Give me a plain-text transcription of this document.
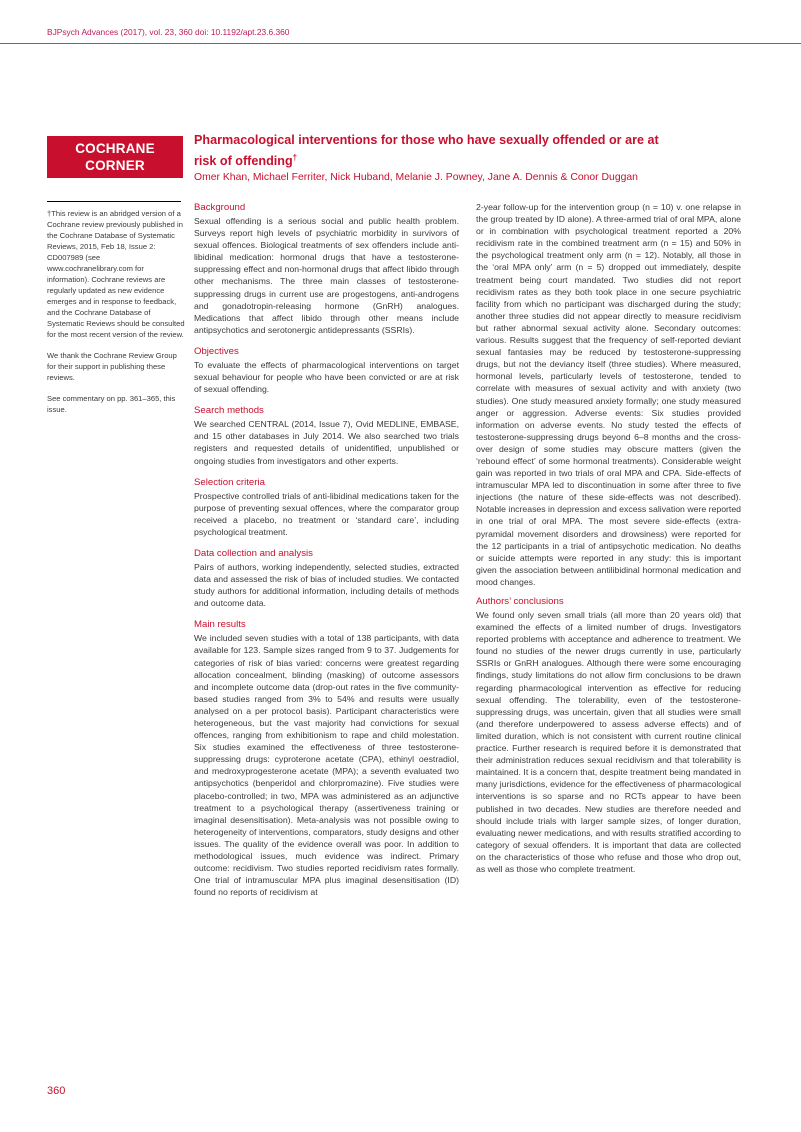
BJPsych Advances (2017), vol. 23, 360 doi: 10.1192/apt.23.6.360
COCHRANE
CORNER
Pharmacological interventions for those who have sexually offended or are at risk of offending†
Omer Khan, Michael Ferriter, Nick Huband, Melanie J. Powney, Jane A. Dennis & Conor Duggan

†This review is an abridged version of a Cochrane review previously published in the Cochrane Database of Systematic Reviews, 2015, Feb 18, Issue 2: CD007989 (see www.cochranelibrary.com for information). Cochrane reviews are regularly updated as new evidence emerges and in response to feedback, and the Cochrane Database of Systematic Reviews should be consulted for the most recent version of the review.

We thank the Cochrane Review Group for their support in publishing these reviews.

See commentary on pp. 361–365, this issue.

Background

Sexual offending is a serious social and public health problem. Surveys report high levels of psychiatric morbidity in survivors of sexual offences. Biological treatments of sex offenders include anti-libidinal medication: hormonal drugs that have a testosterone-suppressing effect and non-hormonal drugs that affect libido through other mechanisms. The three main classes of testosterone-suppressing drugs in current use are progestogens, anti-androgens and gonadotropin-releasing hormone (GnRH) analogues. Medications that affect libido through other means include antipsychotics and serotonergic antidepressants (SSRIs).

Objectives

To evaluate the effects of pharmacological interventions on target sexual behaviour for people who have been convicted or are at risk of sexual offending.

Search methods

We searched CENTRAL (2014, Issue 7), Ovid MEDLINE, EMBASE, and 15 other databases in July 2014. We also searched two trials registers and requested details of unidentified, unpublished or ongoing studies from investigators and other experts.

Selection criteria

Prospective controlled trials of anti-libidinal medications taken for the purpose of preventing sexual offences, where the comparator group received a placebo, no treatment or ‘standard care’, including psychological treatment.

Data collection and analysis

Pairs of authors, working independently, selected studies, extracted data and assessed the risk of bias of included studies. We contacted study authors for additional information, including details of methods and outcome data.

Main results

We included seven studies with a total of 138 participants, with data available for 123. Sample sizes ranged from 9 to 37. Judgements for categories of risk of bias varied: concerns were greatest regarding allocation concealment, blinding (masking) of outcome assessors and incomplete outcome data (drop-out rates in the five community-based studies ranged from 3% to 54% and results were usually analysed on a per protocol basis). Participant characteristics were heterogeneous, but the vast majority had convictions for sexual offences, ranging from exhibitionism to rape and child molestation. Six studies examined the effectiveness of three testosterone-suppressing drugs: cyproterone acetate (CPA), ethinyl oestradiol, and medroxyprogesterone acetate (MPA); a seventh evaluated two antipsychotics (benperidol and chlorpromazine). Five studies were placebo-controlled; in two, MPA was administered as an adjunctive treatment to a psychological therapy (assertiveness training or imaginal desensitisation). Meta-analysis was not possible owing to heterogeneity of interventions, comparators, study designs and other issues. The quality of the evidence overall was poor. In addition to methodological issues, much evidence was indirect. Primary outcome: recidivism. Two studies reported recidivism rates formally. One trial of intramuscular MPA plus imaginal desensitisation (ID) found no reports of recidivism at

2-year follow-up for the intervention group (n = 10) v. one relapse in the group treated by ID alone). A three-armed trial of oral MPA, alone or in combination with psychological treatment reported a 20% recidivism rate in the combined treatment arm (n = 15) and 50% in the psychological treatment only arm (n = 12). Notably, all those in the ‘oral MPA only’ arm (n = 5) dropped out immediately, despite treatment being court mandated. Two studies did not report recidivism rates as they both took place in one secure psychiatric facility from which no participant was discharged during the study; another three studies did not appear directly to measure recidivism but rather abnormal sexual activity alone. Secondary outcomes: various. Results suggest that the frequency of self-reported deviant sexual fantasies may be reduced by testosterone-suppressing drugs, but not the deviancy itself (three studies). Where measured, hormonal levels, particularly levels of testosterone, tended to correlate with measures of sexual activity and with anxiety (two studies). One study measured anxiety formally; one study measured anger or aggression. Adverse events: Six studies provided information on adverse events. No study tested the effects of testosterone-suppressing drugs beyond 6–8 months and the cross-over design of some studies may obscure matters (given the ‘rebound effect’ of some hormonal treatments). Considerable weight gain was reported in two trials of oral MPA and CPA. Side-effects of intramuscular MPA led to discontinuation in some after three to five injections (the nature of these side-effects was not described). Notable increases in depression and excess salivation were reported in one trial of oral MPA. The most severe side-effects (extra-pyramidal movement disorders and drowsiness) were reported for the 12 participants in a trial of antipsychotic medication. No deaths or suicide attempts were reported in any study: this is important given the association between antilibidinal hormonal medication and mood changes.

Authors’ conclusions

We found only seven small trials (all more than 20 years old) that examined the effects of a limited number of drugs. Investigators reported problems with acceptance and adherence to treatment. We found no studies of the newer drugs currently in use, particularly SSRIs or GnRH analogues. Although there were some encouraging findings, study limitations do not allow firm conclusions to be drawn regarding pharmacological intervention as effective for reducing sexual offending. The tolerability, even of the testosterone-suppressing drugs, was uncertain, given that all studies were small (and therefore underpowered to assess adverse effects) and of limited duration, which is not consistent with current routine clinical practice. Further research is required before it is demonstrated that their administration reduces sexual recidivism and that tolerability is maintained. It is a concern that, despite treatment being mandated in many jurisdictions, evidence for the effectiveness of pharmacological interventions is so sparse and no RCTs appear to have been published in two decades. New studies are therefore needed and should include trials with larger sample sizes, of longer duration, evaluating newer medications, and with results stratified according to category of sexual offenders. It is important that data are collected on the characteristics of those who refuse and those who drop out, as well as those who complete treatment.

360
